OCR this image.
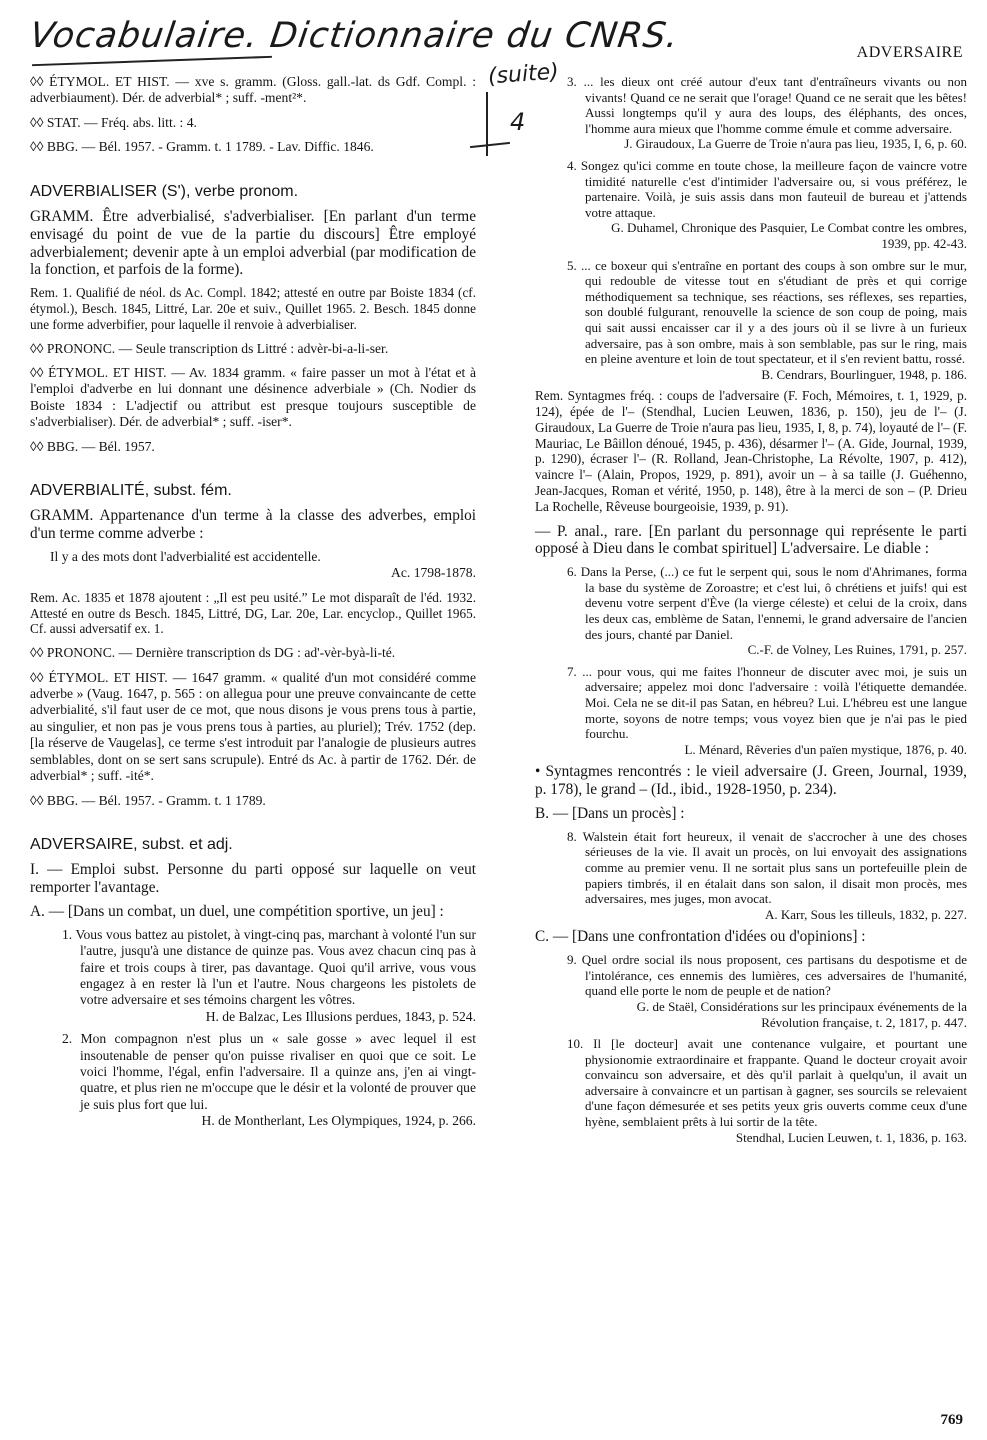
Vocabulaire. Dictionnaire du CNRS.
(suite)
4
ADVERSAIRE

◊◊ ÉTYMOL. ET HIST. — xve s. gramm. (Gloss. gall.-lat. ds Gdf. Compl. : adverbiaument). Dér. de adverbial* ; suff. -ment²*.

◊◊ STAT. — Fréq. abs. litt. : 4.

◊◊ BBG. — Bél. 1957. - Gramm. t. 1 1789. - Lav. Diffic. 1846.

ADVERBIALISER (S'), verbe pronom.

GRAMM. Être adverbialisé, s'adverbialiser. [En parlant d'un terme envisagé du point de vue de la partie du discours] Être employé adverbialement; devenir apte à un emploi adverbial (par modification de la fonction, et parfois de la forme).

Rem. 1. Qualifié de néol. ds Ac. Compl. 1842; attesté en outre par Boiste 1834 (cf. étymol.), Besch. 1845, Littré, Lar. 20e et suiv., Quillet 1965. 2. Besch. 1845 donne une forme adverbifier, pour laquelle il renvoie à adverbialiser.

◊◊ PRONONC. — Seule transcription ds Littré : advèr-bi-a-li-ser.

◊◊ ÉTYMOL. ET HIST. — Av. 1834 gramm. « faire passer un mot à l'état et à l'emploi d'adverbe en lui donnant une désinence adverbiale » (Ch. Nodier ds Boiste 1834 : L'adjectif ou attribut est presque toujours susceptible de s'adverbialiser). Dér. de adverbial* ; suff. -iser*.

◊◊ BBG. — Bél. 1957.

ADVERBIALITÉ, subst. fém.

GRAMM. Appartenance d'un terme à la classe des adverbes, emploi d'un terme comme adverbe :

Il y a des mots dont l'adverbialité est accidentelle.
Ac. 1798-1878.

Rem. Ac. 1835 et 1878 ajoutent : „Il est peu usité.” Le mot disparaît de l'éd. 1932. Attesté en outre ds Besch. 1845, Littré, DG, Lar. 20e, Lar. encyclop., Quillet 1965. Cf. aussi adversatif ex. 1.

◊◊ PRONONC. — Dernière transcription ds DG : ad'-vèr-byà-li-té.

◊◊ ÉTYMOL. ET HIST. — 1647 gramm. « qualité d'un mot considéré comme adverbe » (Vaug. 1647, p. 565 : on allegua pour une preuve convaincante de cette adverbialité, s'il faut user de ce mot, que nous disons je vous prens tous à partie, au singulier, et non pas je vous prens tous à parties, au pluriel); Trév. 1752 (dep. [la réserve de Vaugelas], ce terme s'est introduit par l'analogie de plusieurs autres semblables, dont on se sert sans scrupule). Entré ds Ac. à partir de 1762. Dér. de adverbial* ; suff. -ité*.

◊◊ BBG. — Bél. 1957. - Gramm. t. 1 1789.

ADVERSAIRE, subst. et adj.

I. — Emploi subst. Personne du parti opposé sur laquelle on veut remporter l'avantage.

A. — [Dans un combat, un duel, une compétition sportive, un jeu] :

1. Vous vous battez au pistolet, à vingt-cinq pas, marchant à volonté l'un sur l'autre, jusqu'à une distance de quinze pas. Vous avez chacun cinq pas à faire et trois coups à tirer, pas davantage. Quoi qu'il arrive, vous vous engagez à en rester là l'un et l'autre. Nous chargeons les pistolets de votre adversaire et ses témoins chargent les vôtres.
H. de Balzac, Les Illusions perdues, 1843, p. 524.

2. Mon compagnon n'est plus un « sale gosse » avec lequel il est insoutenable de penser qu'on puisse rivaliser en quoi que ce soit. Le voici l'homme, l'égal, enfin l'adversaire. Il a quinze ans, j'en ai vingt-quatre, et plus rien ne m'occupe que le désir et la volonté de prouver que je suis plus fort que lui.
H. de Montherlant, Les Olympiques, 1924, p. 266.

3. ... les dieux ont créé autour d'eux tant d'entraîneurs vivants ou non vivants! Quand ce ne serait que l'orage! Quand ce ne serait que les bêtes! Aussi longtemps qu'il y aura des loups, des éléphants, des onces, l'homme aura mieux que l'homme comme émule et comme adversaire.
J. Giraudoux, La Guerre de Troie n'aura pas lieu, 1935, I, 6, p. 60.

4. Songez qu'ici comme en toute chose, la meilleure façon de vaincre votre timidité naturelle c'est d'intimider l'adversaire ou, si vous préférez, le partenaire. Voilà, je suis assis dans mon fauteuil de bureau et j'attends votre attaque.
G. Duhamel, Chronique des Pasquier, Le Combat contre les ombres, 1939, pp. 42-43.

5. ... ce boxeur qui s'entraîne en portant des coups à son ombre sur le mur, qui redouble de vitesse tout en s'étudiant de près et qui corrige méthodiquement sa technique, ses réactions, ses réflexes, ses reparties, son doublé fulgurant, renouvelle la science de son coup de poing, mais qui sait aussi encaisser car il y a des jours où il se livre à un furieux adversaire, pas à son ombre, mais à son semblable, pas sur le ring, mais en pleine aventure et loin de tout spectateur, et il s'en revient battu, rossé.
B. Cendrars, Bourlinguer, 1948, p. 186.

Rem. Syntagmes fréq. : coups de l'adversaire (F. Foch, Mémoires, t. 1, 1929, p. 124), épée de l'– (Stendhal, Lucien Leuwen, 1836, p. 150), jeu de l'– (J. Giraudoux, La Guerre de Troie n'aura pas lieu, 1935, I, 8, p. 74), loyauté de l'– (F. Mauriac, Le Bâillon dénoué, 1945, p. 436), désarmer l'– (A. Gide, Journal, 1939, p. 1290), écraser l'– (R. Rolland, Jean-Christophe, La Révolte, 1907, p. 412), vaincre l'– (Alain, Propos, 1929, p. 891), avoir un – à sa taille (J. Guéhenno, Jean-Jacques, Roman et vérité, 1950, p. 148), être à la merci de son – (P. Drieu La Rochelle, Rêveuse bourgeoisie, 1939, p. 91).

— P. anal., rare. [En parlant du personnage qui représente le parti opposé à Dieu dans le combat spirituel] L'adversaire. Le diable :

6. Dans la Perse, (...) ce fut le serpent qui, sous le nom d'Ahrimanes, forma la base du système de Zoroastre; et c'est lui, ô chrétiens et juifs! qui est devenu votre serpent d'Ève (la vierge céleste) et celui de la croix, dans les deux cas, emblème de Satan, l'ennemi, le grand adversaire de l'ancien des jours, chanté par Daniel.
C.-F. de Volney, Les Ruines, 1791, p. 257.

7. ... pour vous, qui me faites l'honneur de discuter avec moi, je suis un adversaire; appelez moi donc l'adversaire : voilà l'étiquette demandée. Moi. Cela ne se dit-il pas Satan, en hébreu? Lui. L'hébreu est une langue morte, soyons de notre temps; vous voyez bien que je n'ai pas le pied fourchu.
L. Ménard, Rêveries d'un païen mystique, 1876, p. 40.

• Syntagmes rencontrés : le vieil adversaire (J. Green, Journal, 1939, p. 178), le grand – (Id., ibid., 1928-1950, p. 234).

B. — [Dans un procès] :

8. Walstein était fort heureux, il venait de s'accrocher à une des choses sérieuses de la vie. Il avait un procès, on lui envoyait des assignations comme au premier venu. Il ne sortait plus sans un portefeuille plein de papiers timbrés, il en étalait dans son salon, il disait mon procès, mes adversaires, mes juges, mon avocat.
A. Karr, Sous les tilleuls, 1832, p. 227.

C. — [Dans une confrontation d'idées ou d'opinions] :

9. Quel ordre social ils nous proposent, ces partisans du despotisme et de l'intolérance, ces ennemis des lumières, ces adversaires de l'humanité, quand elle porte le nom de peuple et de nation?
G. de Staël, Considérations sur les principaux événements de la Révolution française, t. 2, 1817, p. 447.

10. Il [le docteur] avait une contenance vulgaire, et pourtant une physionomie extraordinaire et frappante. Quand le docteur croyait avoir convaincu son adversaire, et dès qu'il parlait à quelqu'un, il avait un adversaire à convaincre et un partisan à gagner, ses sourcils se relevaient d'une façon démesurée et ses petits yeux gris ouverts comme ceux d'une hyène, semblaient prêts à lui sortir de la tête.
Stendhal, Lucien Leuwen, t. 1, 1836, p. 163.

769
